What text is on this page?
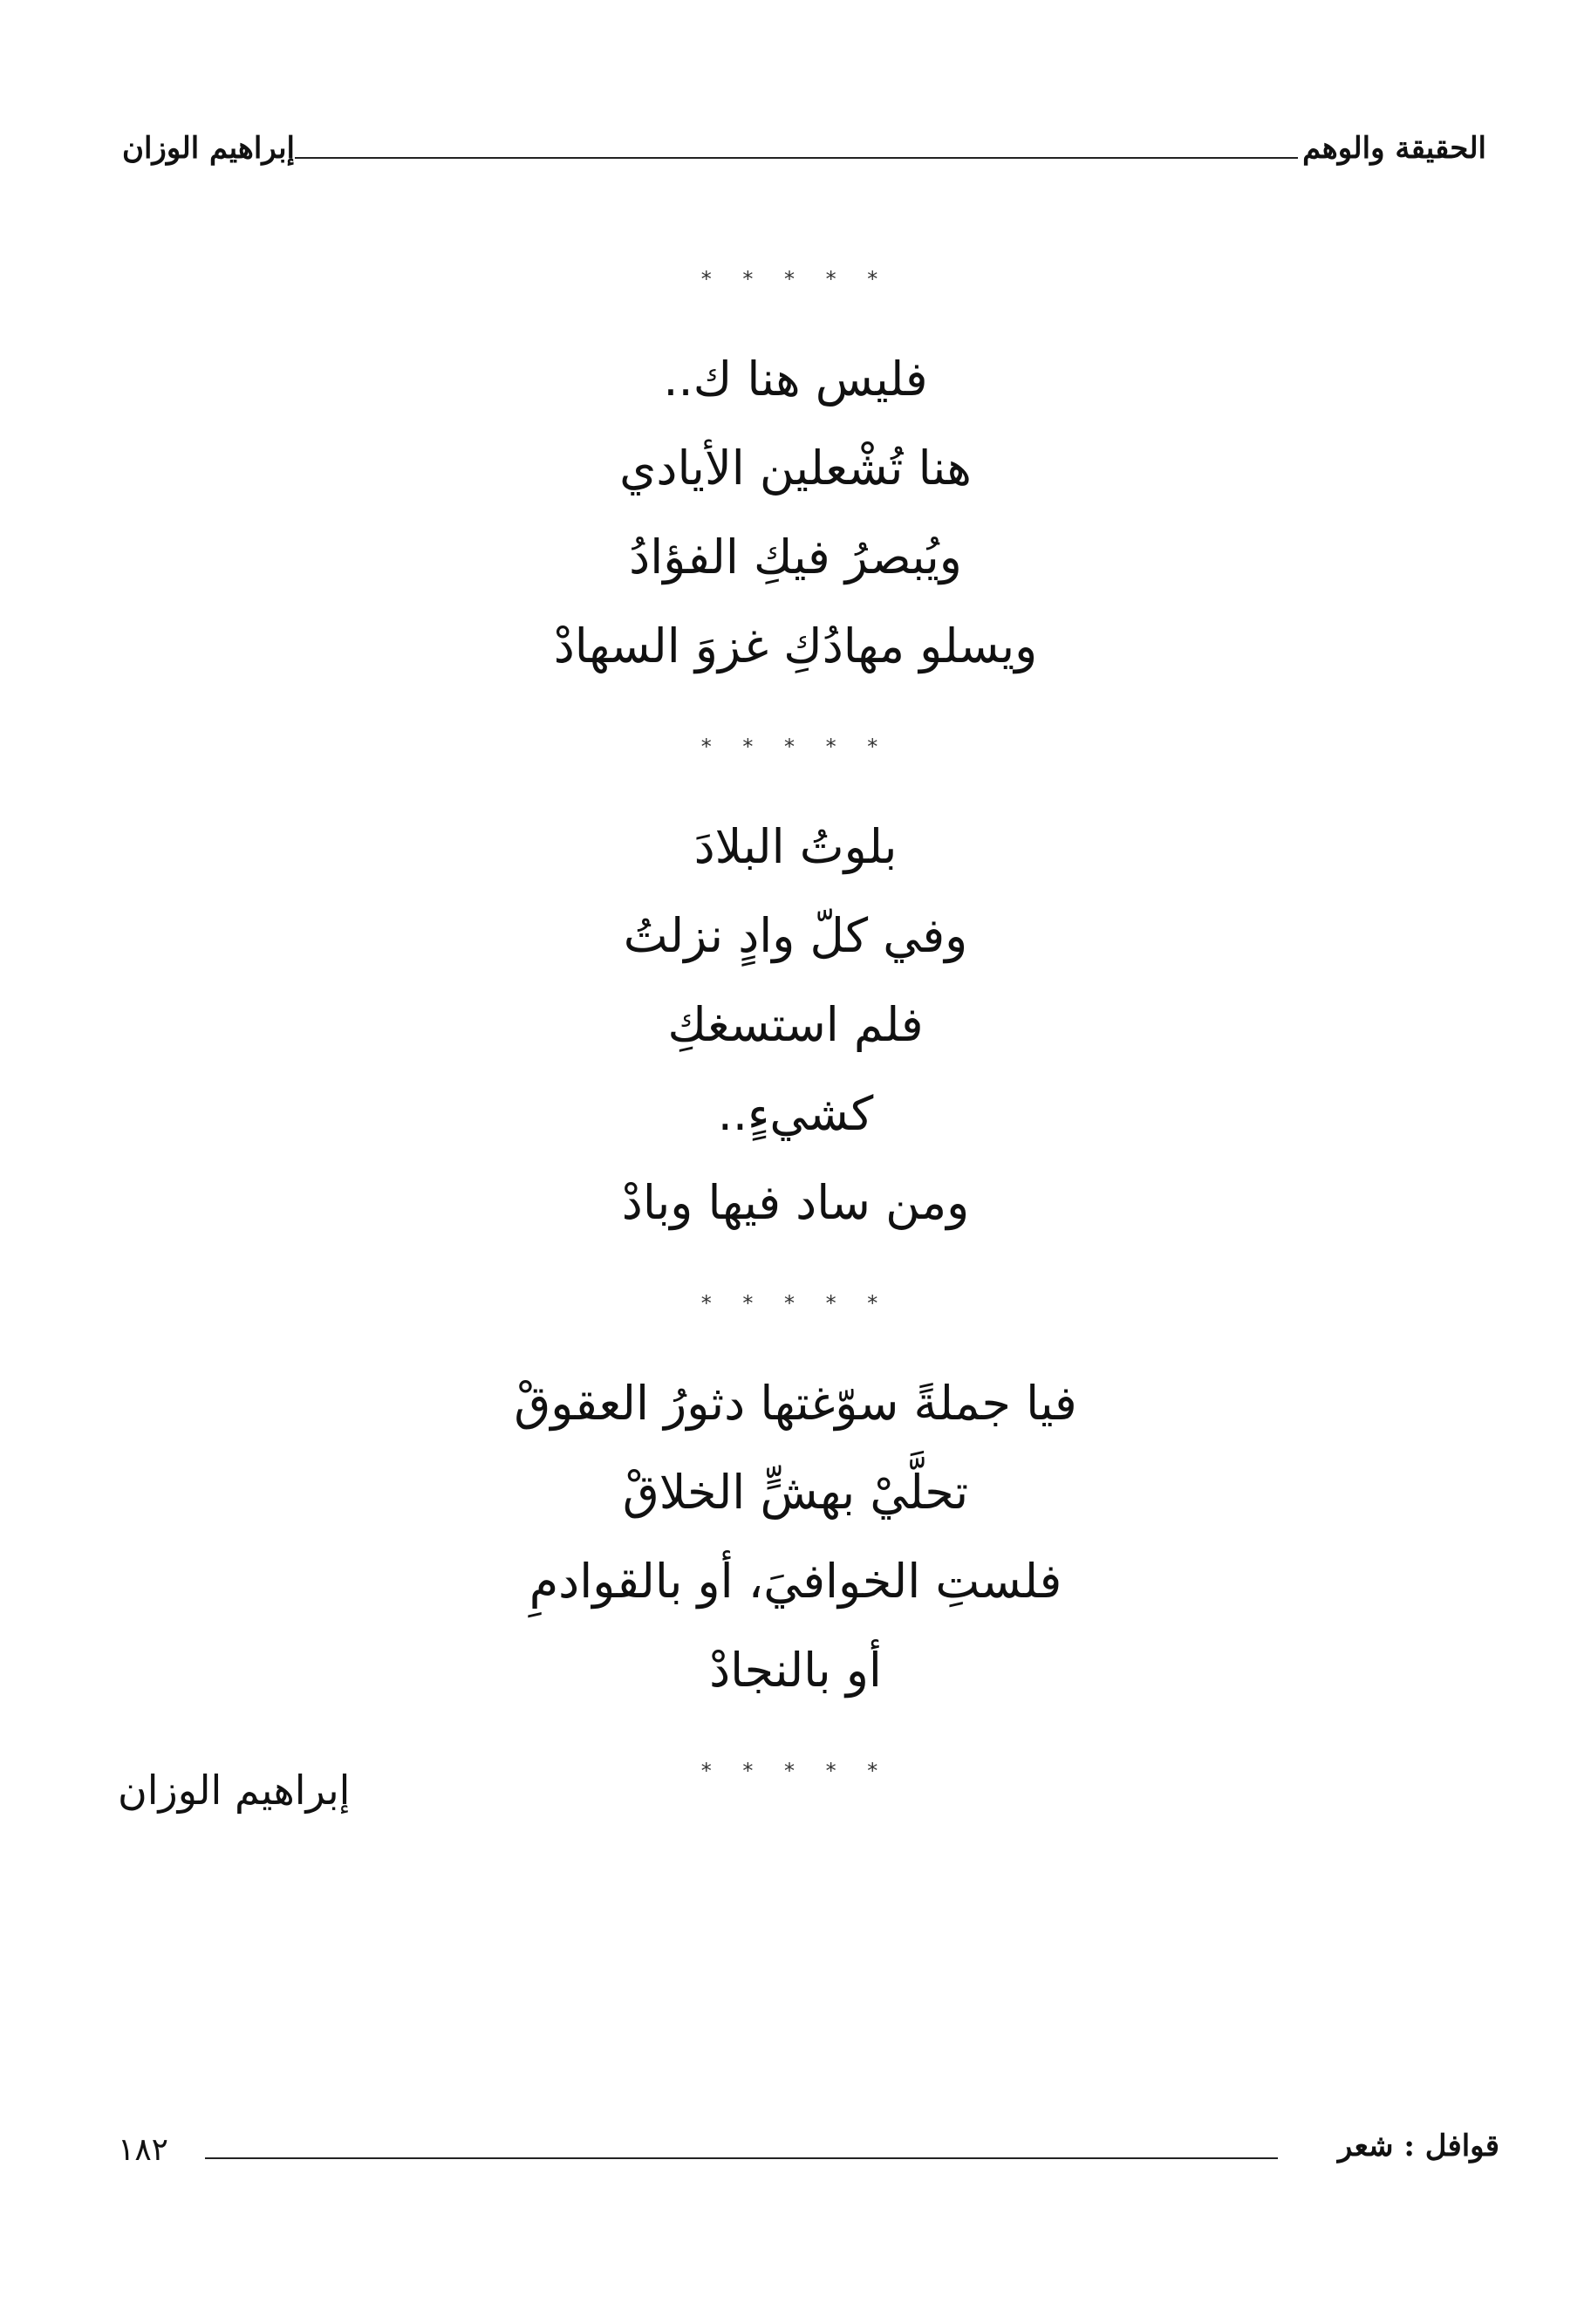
الحقيقة والوهم
إبراهيم الوزان
* * * * *
فليس هنا ك..
هنا تُشْعلين الأيادي
ويُبصرُ فيكِ الفؤادُ
ويسلو مهادُكِ غزوَ السهادْ
* * * * *
بلوتُ البلادَ
وفي كلّ وادٍ نزلتُ
فلم استسغكِ
كشيءٍ..
ومن ساد فيها وبادْ
* * * * *
فيا جملةً سوّغتها دثورُ العقوقْ
تحلَّيْ بهشٍّ الخلاقْ
فلستِ الخوافيَ، أو بالقوادمِ
أو بالنجادْ
* * * * *
إبراهيم الوزان
قوافل : شعر
١٨٢
